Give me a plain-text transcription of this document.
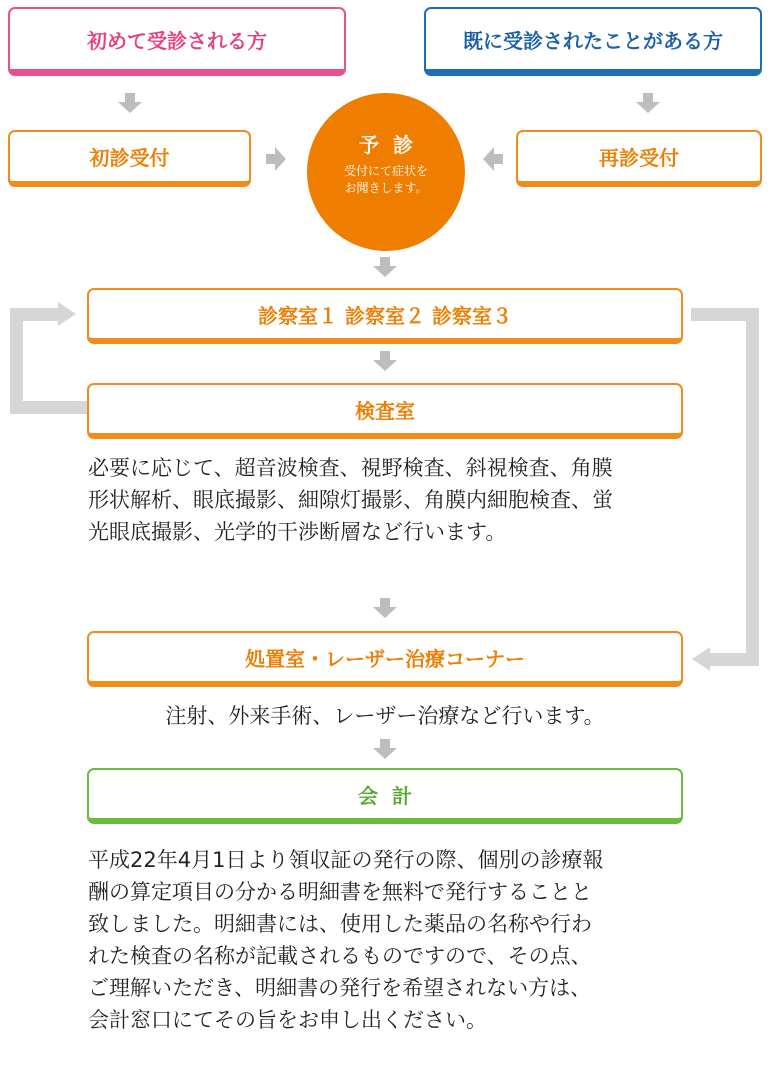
初めて受診される方	既に受診されたことがある方
初診受付	再診受付
予診
受付にて症状を
お聞きします。
診察室１ 診察室２ 診察室３
検査室
必要に応じて、超音波検査、視野検査、斜視検査、角膜
形状解析、眼底撮影、細隙灯撮影、角膜内細胞検査、蛍
光眼底撮影、光学的干渉断層など行います。
処置室・レーザー治療コーナー
注射、外来手術、レーザー治療など行います。
会計
平成22年4月1日より領収証の発行の際、個別の診療報
酬の算定項目の分かる明細書を無料で発行することと
致しました。明細書には、使用した薬品の名称や行わ
れた検査の名称が記載されるものですので、その点、
ご理解いただき、明細書の発行を希望されない方は、
会計窓口にてその旨をお申し出ください。
